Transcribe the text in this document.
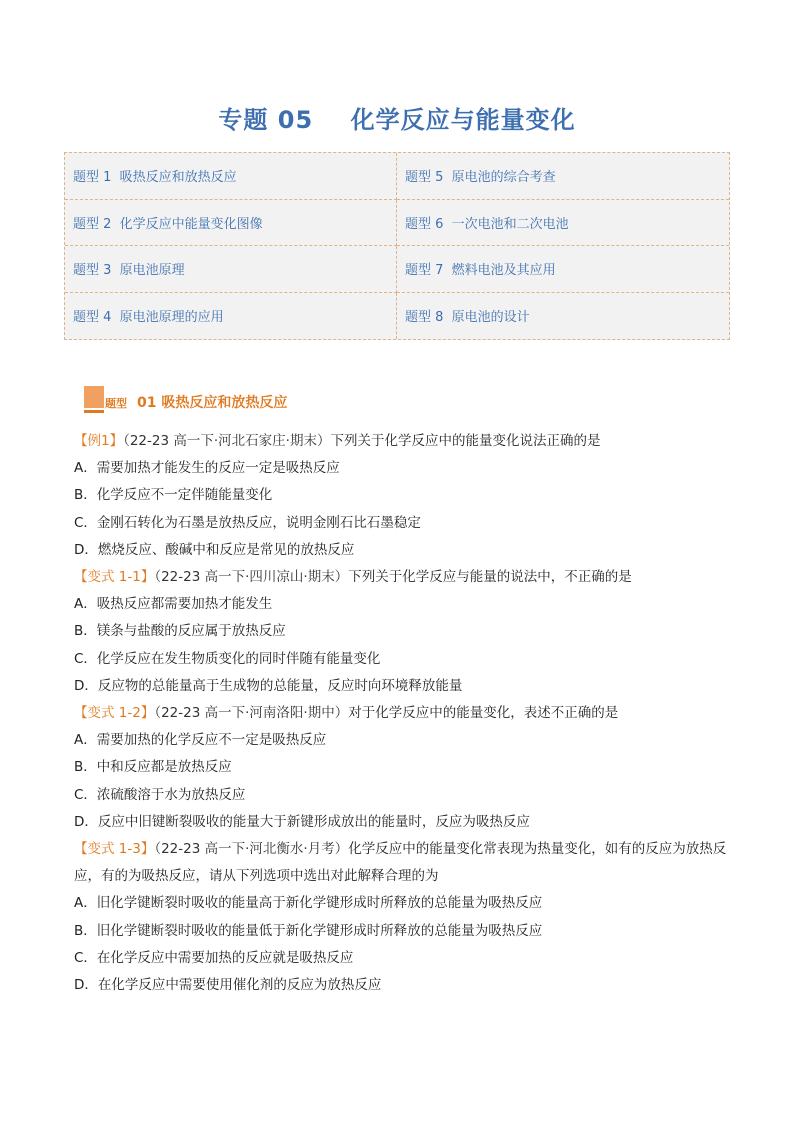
专题 05    化学反应与能量变化
题型 1  吸热反应和放热反应	题型 5  原电池的综合考查
题型 2  化学反应中能量变化图像	题型 6  一次电池和二次电池
题型 3  原电池原理	题型 7  燃料电池及其应用
题型 4  原电池原理的应用	题型 8  原电池的设计
题型 01 吸热反应和放热反应
【例1】（22-23 高一下·河北石家庄·期末）下列关于化学反应中的能量变化说法正确的是
A．需要加热才能发生的反应一定是吸热反应
B．化学反应不一定伴随能量变化
C．金刚石转化为石墨是放热反应，说明金刚石比石墨稳定
D．燃烧反应、酸碱中和反应是常见的放热反应
【变式 1-1】（22-23 高一下·四川凉山·期末）下列关于化学反应与能量的说法中，不正确的是
A．吸热反应都需要加热才能发生
B．镁条与盐酸的反应属于放热反应
C．化学反应在发生物质变化的同时伴随有能量变化
D．反应物的总能量高于生成物的总能量，反应时向环境释放能量
【变式 1-2】（22-23 高一下·河南洛阳·期中）对于化学反应中的能量变化，表述不正确的是
A．需要加热的化学反应不一定是吸热反应
B．中和反应都是放热反应
C．浓硫酸溶于水为放热反应
D．反应中旧键断裂吸收的能量大于新键形成放出的能量时，反应为吸热反应
【变式 1-3】（22-23 高一下·河北衡水·月考）化学反应中的能量变化常表现为热量变化，如有的反应为放热反应，有的为吸热反应，请从下列选项中选出对此解释合理的为
A．旧化学键断裂时吸收的能量高于新化学键形成时所释放的总能量为吸热反应
B．旧化学键断裂时吸收的能量低于新化学键形成时所释放的总能量为吸热反应
C．在化学反应中需要加热的反应就是吸热反应
D．在化学反应中需要使用催化剂的反应为放热反应
